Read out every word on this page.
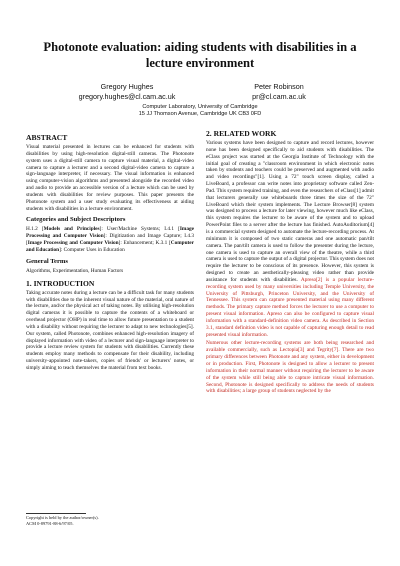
Photonote evaluation: aiding students with disabilities in a lecture environment
Gregory Hughes
gregory.hughes@cl.cam.ac.uk
Peter Robinson
pr@cl.cam.ac.uk
Computer Laboratory, University of Cambridge
15 JJ Thomson Avenue, Cambridge UK CB3 0FD
ABSTRACT

Visual material presented in lectures can be enhanced for students with disabilities by using high-resolution digital-still cameras. The Photonote system uses a digital-still camera to capture visual material, a digital-video camera to capture a lecturer and a second digital-video camera to capture a sign-language interpreter, if necessary. The visual information is enhanced using computer-vision algorithms and presented alongside the recorded video and audio to provide an accessible version of a lecture which can be used by students with disabilities for review purposes. This paper presents the Photonote system and a user study evaluating its effectiveness at aiding students with disabilities in a lecture environment.

Categories and Subject Descriptors

H.1.2 [Models and Principles]: User/Machine Systems; I.4.1 [Image Processing and Computer Vision]: Digitization and Image Capture; I.4.3 [Image Processing and Computer Vision]: Enhancement; K.3.1 [Computer and Education]: Computer Uses in Education

General Terms

Algorithms, Experimentation, Human Factors

1. INTRODUCTION

Taking accurate notes during a lecture can be a difficult task for many students with disabilities due to the inherent visual nature of the material, oral nature of the lecture, and/or the physical act of taking notes. By utilising high-resolution digital cameras it is possible to capture the contents of a whiteboard or overhead projector (OHP) in real time to allow future presentation to a student with a disability without requiring the lecturer to adapt to new technologies[5]. Our system, called Photonote, combines enhanced high-resolution imagery of displayed information with video of a lecturer and sign-language interpreter to provide a lecture review system for students with disabilities. Currently these students employ many methods to compensate for their disability, including university-appointed note-takers, copies of friends' or lecturers' notes, or simply aiming to teach themselves the material from text books.

Copyright is held by the author/owner(s).
ACM 0-89791-88-6/97/05.
2. RELATED WORK

Various systems have been designed to capture and record lectures, however none has been designed specifically to aid students with disabilities. The eClass project was started at the Georgia Institute of Technology with the initial goal of creating a "classroom environment in which electronic notes taken by students and teachers could be preserved and augmented with audio and video recordings"[1]. Using a 72" touch screen display, called a LiveBoard, a professor can write notes into proprietary software called Zen-Pad. This system required training, and even the researchers of eClass[1] admit that lecturers generally use whiteboards three times the size of the 72" LiveBoard which their system implements. The Lecture Browser[8] system was designed to process a lecture for later viewing, however much like eClass, this system requires the lecturer to be aware of the system and to upload PowerPoint files to a server after the lecture has finished. AutoAuditorium[4] is a commercial system designed to automate the lecture-recording process. At minimum it is composed of two static cameras and one automatic pan/tilt camera. The pan/tilt camera is used to follow the presenter during the lecture, one camera is used to capture an overall view of the theatre, while a third camera is used to capture the output of a digital projector. This system does not require the lecturer to be conscious of its presence. However, this system is designed to create an aesthetically-pleasing video rather than provide assistance for students with disabilities. Apreso[2] is a popular lecture-recording system used by many universities including Temple University, the University of Pittsburgh, Princeton University, and the University of Tennessee. This system can capture presented material using many different methods. The primary capture method forces the lecturer to use a computer to present visual information. Apreso can also be configured to capture visual information with a standard-definition video camera. As described in Section 3.1, standard definition video is not capable of capturing enough detail to read presented visual information.

Numerous other lecture-recording systems are both being researched and available commercially, such as Lectopia[3] and Tegrity[7]. There are two primary differences between Photonote and any system, either in development or in production. First, Photonote is designed to allow a lecturer to present information in their normal manner without requiring the lecturer to be aware of the system while still being able to capture intricate visual information. Second, Photonote is designed specifically to address the needs of students with disabilities; a large group of students neglected by the
